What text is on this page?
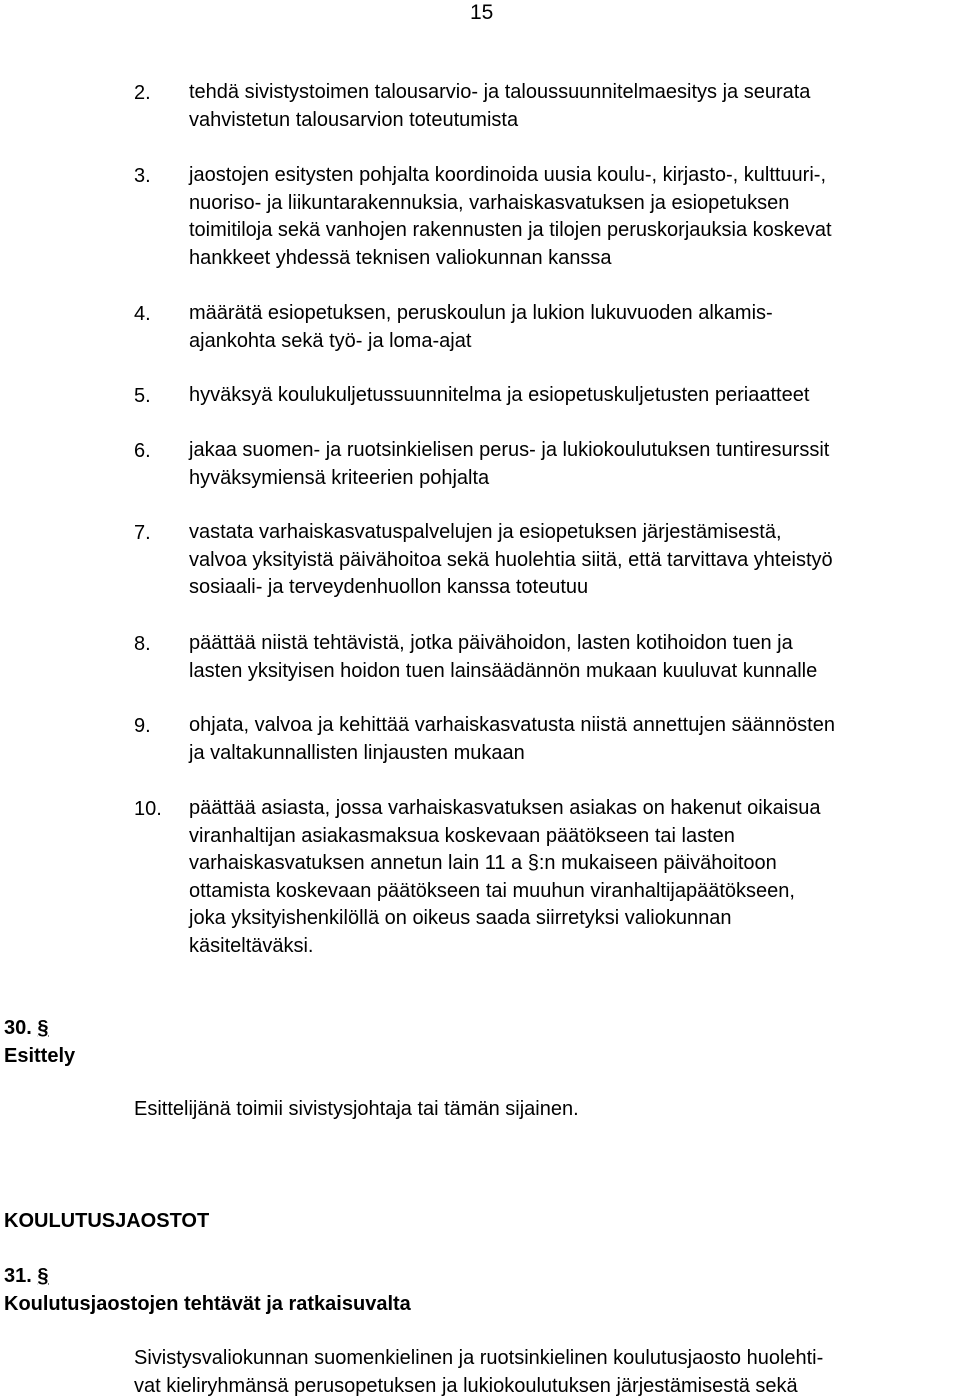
15
2. tehdä sivistystoimen talousarvio- ja taloussuunnitelmaesitys ja seurata
vahvistetun talousarvion toteutumista
3. jaostojen esitysten pohjalta koordinoida uusia koulu-, kirjasto-, kulttuuri-,
nuoriso- ja liikuntarakennuksia, varhaiskasvatuksen ja esiopetuksen
toimitiloja sekä vanhojen rakennusten ja tilojen peruskorjauksia koskevat
hankkeet yhdessä teknisen valiokunnan kanssa
4. määrätä esiopetuksen, peruskoulun ja lukion lukuvuoden alkamis-
ajankohta sekä työ- ja loma-ajat
5. hyväksyä koulukuljetussuunnitelma ja esiopetuskuljetusten periaatteet
6. jakaa suomen- ja ruotsinkielisen perus- ja lukiokoulutuksen tuntiresurssit
hyväksymiensä kriteerien pohjalta
7. vastata varhaiskasvatuspalvelujen ja esiopetuksen järjestämisestä,
valvoa yksityistä päivähoitoa sekä huolehtia siitä, että tarvittava yhteistyö
sosiaali- ja terveydenhuollon kanssa toteutuu
8. päättää niistä tehtävistä, jotka päivähoidon, lasten kotihoidon tuen ja
lasten yksityisen hoidon tuen lainsäädännön mukaan kuuluvat kunnalle
9. ohjata, valvoa ja kehittää varhaiskasvatusta niistä annettujen säännösten
ja valtakunnallisten linjausten mukaan
10. päättää asiasta, jossa varhaiskasvatuksen asiakas on hakenut oikaisua
viranhaltijan asiakasmaksua koskevaan päätökseen tai lasten
varhaiskasvatuksen annetun lain 11 a §:n mukaiseen päivähoitoon
ottamista koskevaan päätökseen tai muuhun viranhaltijapäätökseen,
joka yksityishenkilöllä on oikeus saada siirretyksi valiokunnan
käsiteltäväksi.
30. §
Esittely
Esittelijänä toimii sivistysjohtaja tai tämän sijainen.
KOULUTUSJAOSTOT
31. §
Koulutusjaostojen tehtävät ja ratkaisuvalta
Sivistysvaliokunnan suomenkielinen ja ruotsinkielinen koulutusjaosto huolehti-
vat kieliryhmänsä perusopetuksen ja lukiokoulutuksen järjestämisestä sekä
